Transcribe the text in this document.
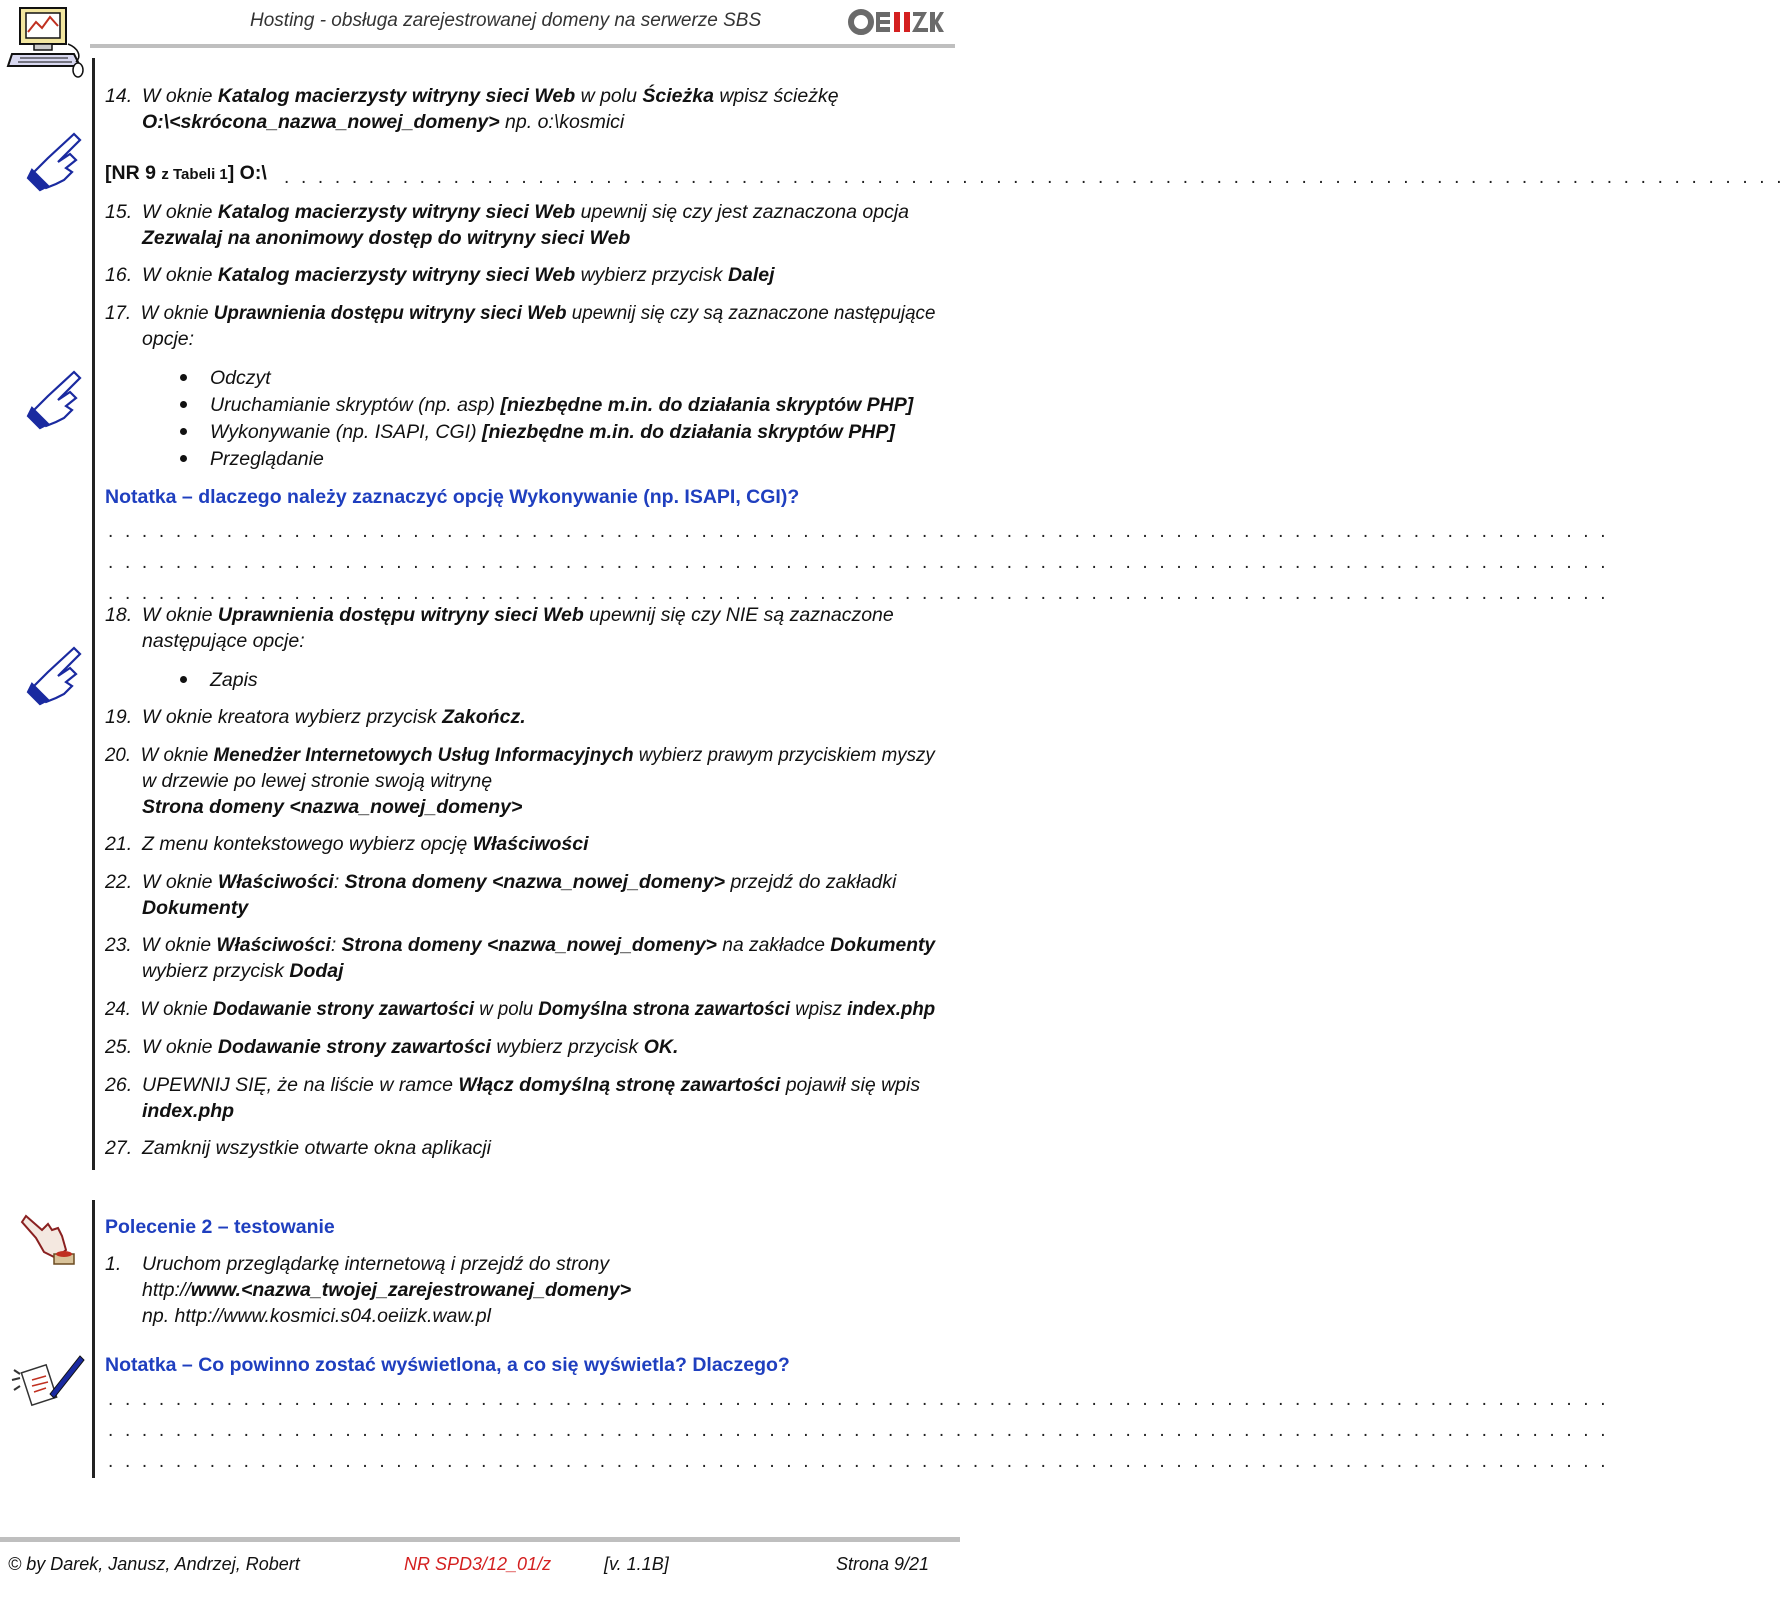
Hosting - obsługa zarejestrowanej domeny na serwerze SBS
14. W oknie Katalog macierzysty witryny sieci Web w polu Ścieżka wpisz ścieżkę
O:\<skrócona_nazwa_nowej_domeny> np. o:\kosmici
[NR 9 z Tabeli 1] O:\ . . . . . . . . . . . . . . . . . . . . . . . . . . . . . . . . . . . . . . . . . . . . . . . . . . . . . . . . . . . . . . . . . . . . . . . . . . . . . . . . . . . . . . . . .
15. W oknie Katalog macierzysty witryny sieci Web upewnij się czy jest zaznaczona opcja
Zezwalaj na anonimowy dostęp do witryny sieci Web
16. W oknie Katalog macierzysty witryny sieci Web wybierz przycisk Dalej
17. W oknie Uprawnienia dostępu witryny sieci Web upewnij się czy są zaznaczone następujące
opcje:
Odczyt
Uruchamianie skryptów (np. asp) [niezbędne m.in. do działania skryptów PHP]
Wykonywanie (np. ISAPI, CGI) [niezbędne m.in. do działania skryptów PHP]
Przeglądanie
Notatka – dlaczego należy zaznaczyć opcję Wykonywanie (np. ISAPI, CGI)?
. . . . . . . . . . . . . . . . . . . . . . . . . . . . . . . . . . . . . . . . . . . . . . . . . . . . . . . . . . . . . . . . . . . . . . . . . . . . . . . . . . . . . . . . .
. . . . . . . . . . . . . . . . . . . . . . . . . . . . . . . . . . . . . . . . . . . . . . . . . . . . . . . . . . . . . . . . . . . . . . . . . . . . . . . . . . . . . . . . .
. . . . . . . . . . . . . . . . . . . . . . . . . . . . . . . . . . . . . . . . . . . . . . . . . . . . . . . . . . . . . . . . . . . . . . . . . . . . . . . . . . . . . . . . .
18. W oknie Uprawnienia dostępu witryny sieci Web upewnij się czy NIE są zaznaczone
następujące opcje:
Zapis
19. W oknie kreatora wybierz przycisk Zakończ.
20. W oknie Menedżer Internetowych Usług Informacyjnych wybierz prawym przyciskiem myszy
w drzewie po lewej stronie swoją witrynę
Strona domeny <nazwa_nowej_domeny>
21. Z menu kontekstowego wybierz opcję Właściwości
22. W oknie Właściwości: Strona domeny <nazwa_nowej_domeny> przejdź do zakładki
Dokumenty
23. W oknie Właściwości: Strona domeny <nazwa_nowej_domeny> na zakładce Dokumenty
wybierz przycisk Dodaj
24. W oknie Dodawanie strony zawartości w polu Domyślna strona zawartości wpisz index.php
25. W oknie Dodawanie strony zawartości wybierz przycisk OK.
26. UPEWNIJ SIĘ, że na liście w ramce Włącz domyślną stronę zawartości pojawił się wpis
index.php
27. Zamknij wszystkie otwarte okna aplikacji
Polecenie 2 – testowanie
1. Uruchom przeglądarkę internetową i przejdź do strony
http://www.<nazwa_twojej_zarejestrowanej_domeny>
np. http://www.kosmici.s04.oeiizk.waw.pl
Notatka – Co powinno zostać wyświetlona, a co się wyświetla? Dlaczego?
. . . . . . . . . . . . . . . . . . . . . . . . . . . . . . . . . . . . . . . . . . . . . . . . . . . . . . . . . . . . . . . . . . . . . . . . . . . . . . . . . . . . . . . . .
. . . . . . . . . . . . . . . . . . . . . . . . . . . . . . . . . . . . . . . . . . . . . . . . . . . . . . . . . . . . . . . . . . . . . . . . . . . . . . . . . . . . . . . . .
. . . . . . . . . . . . . . . . . . . . . . . . . . . . . . . . . . . . . . . . . . . . . . . . . . . . . . . . . . . . . . . . . . . . . . . . . . . . . . . . . . . . . . . . .
© by Darek, Janusz, Andrzej, Robert	NR SPD3/12_01/z	[v. 1.1B]	Strona 9/21
